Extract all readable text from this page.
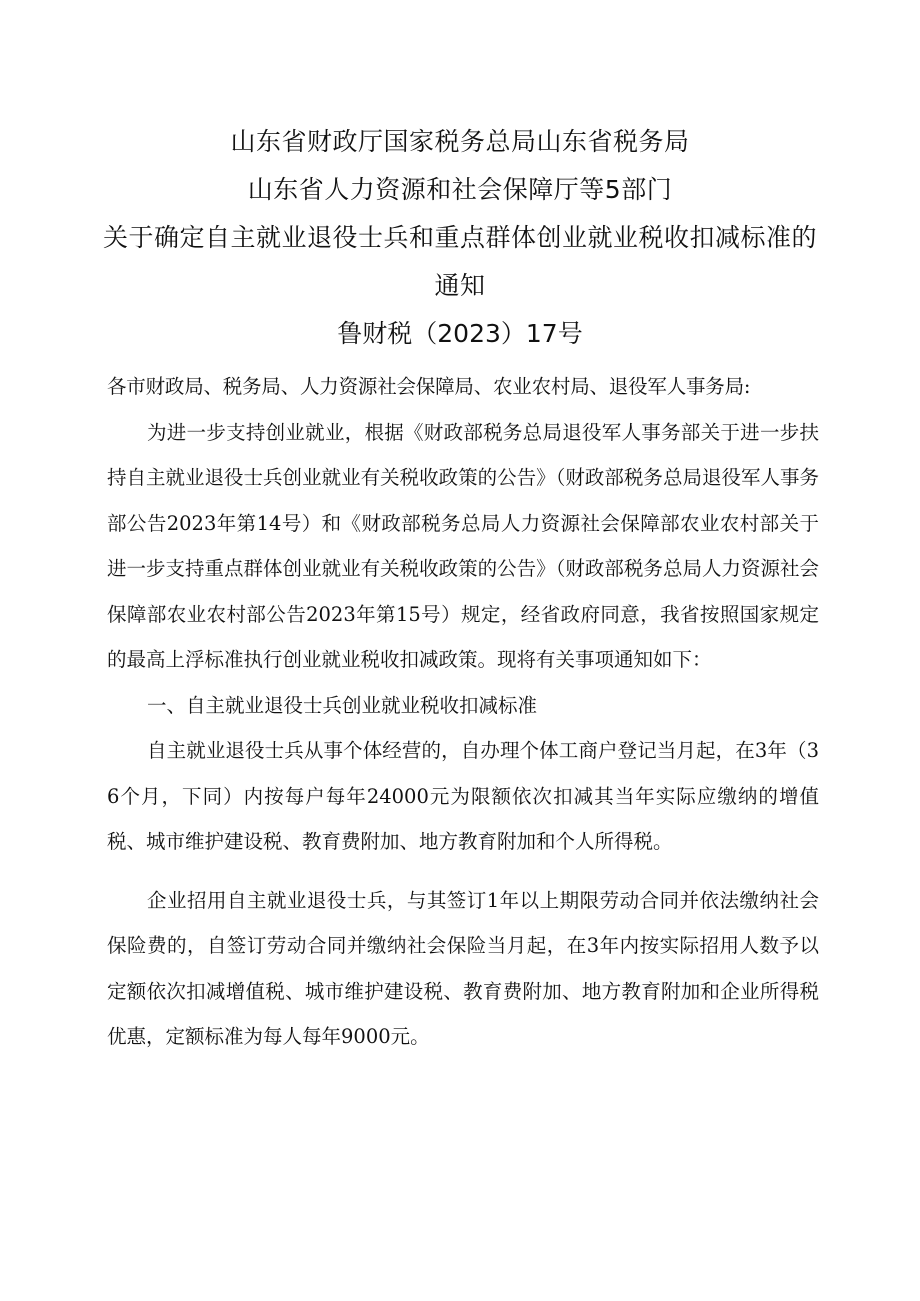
山东省财政厅国家税务总局山东省税务局
山东省人力资源和社会保障厅等5部门
关于确定自主就业退役士兵和重点群体创业就业税收扣减标准的
通知
鲁财税（2023）17号

各市财政局、税务局、人力资源社会保障局、农业农村局、退役军人事务局:

为进一步支持创业就业，根据《财政部税务总局退役军人事务部关于进一步扶持自主就业退役士兵创业就业有关税收政策的公告》（财政部税务总局退役军人事务部公告2023年第14号）和《财政部税务总局人力资源社会保障部农业农村部关于进一步支持重点群体创业就业有关税收政策的公告》（财政部税务总局人力资源社会保障部农业农村部公告2023年第15号）规定，经省政府同意，我省按照国家规定的最高上浮标准执行创业就业税收扣减政策。现将有关事项通知如下：

一、自主就业退役士兵创业就业税收扣减标准

自主就业退役士兵从事个体经营的，自办理个体工商户登记当月起，在3年（36个月，下同）内按每户每年24000元为限额依次扣减其当年实际应缴纳的增值税、城市维护建设税、教育费附加、地方教育附加和个人所得税。

企业招用自主就业退役士兵，与其签订1年以上期限劳动合同并依法缴纳社会保险费的，自签订劳动合同并缴纳社会保险当月起，在3年内按实际招用人数予以定额依次扣减增值税、城市维护建设税、教育费附加、地方教育附加和企业所得税优惠，定额标准为每人每年9000元。
